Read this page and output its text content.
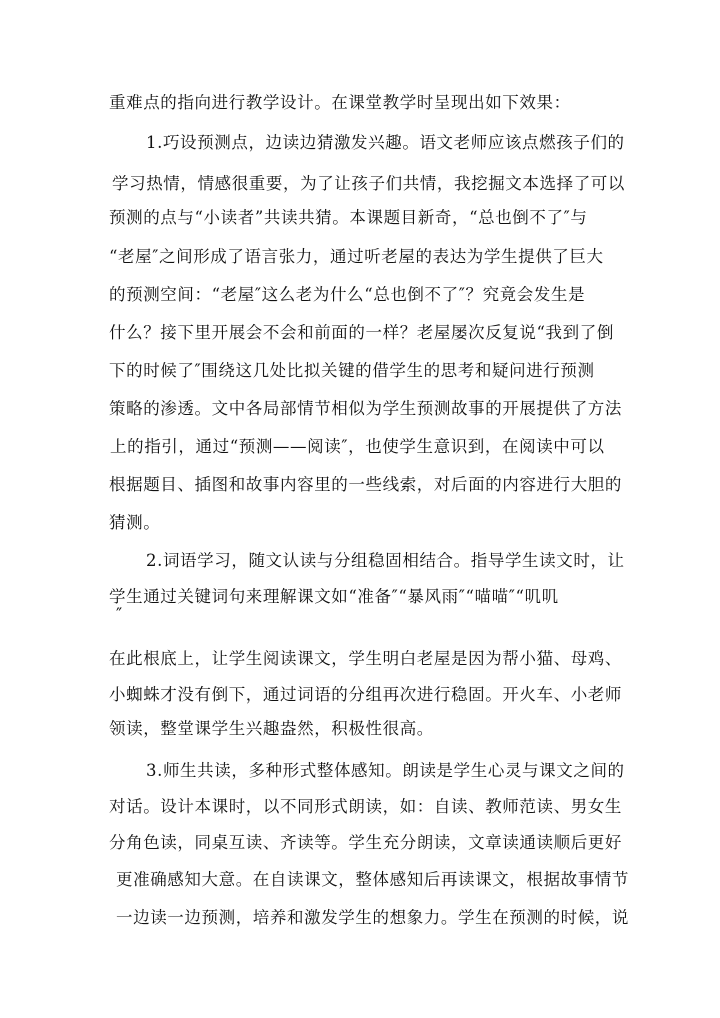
重难点的指向进行教学设计。在课堂教学时呈现出如下效果：
1.巧设预测点，边读边猜激发兴趣。语文老师应该点燃孩子们的
学习热情，情感很重要，为了让孩子们共情，我挖掘文本选择了可以
预测的点与“小读者”共读共猜。本课题目新奇，“总也倒不了″与
“老屋″之间形成了语言张力，通过听老屋的表达为学生提供了巨大
的预测空间：“老屋″这么老为什么“总也倒不了″？究竟会发生是
什么？接下里开展会不会和前面的一样？老屋屡次反复说“我到了倒
下的时候了″围绕这几处比拟关键的借学生的思考和疑问进行预测
策略的渗透。文中各局部情节相似为学生预测故事的开展提供了方法
上的指引，通过“预测——阅读″，也使学生意识到，在阅读中可以
根据题目、插图和故事内容里的一些线索，对后面的内容进行大胆的
猜测。
2.词语学习，随文认读与分组稳固相结合。指导学生读文时，让
学生通过关键词句来理解课文如“准备″“暴风雨″“喵喵″“叽叽
″
在此根底上，让学生阅读课文，学生明白老屋是因为帮小猫、母鸡、
小蜘蛛才没有倒下，通过词语的分组再次进行稳固。开火车、小老师
领读，整堂课学生兴趣盎然，积极性很高。
3.师生共读，多种形式整体感知。朗读是学生心灵与课文之间的
对话。设计本课时，以不同形式朗读，如：自读、教师范读、男女生
分角色读，同桌互读、齐读等。学生充分朗读，文章读通读顺后更好
更准确感知大意。在自读课文，整体感知后再读课文，根据故事情节
一边读一边预测，培养和激发学生的想象力。学生在预测的时候，说
